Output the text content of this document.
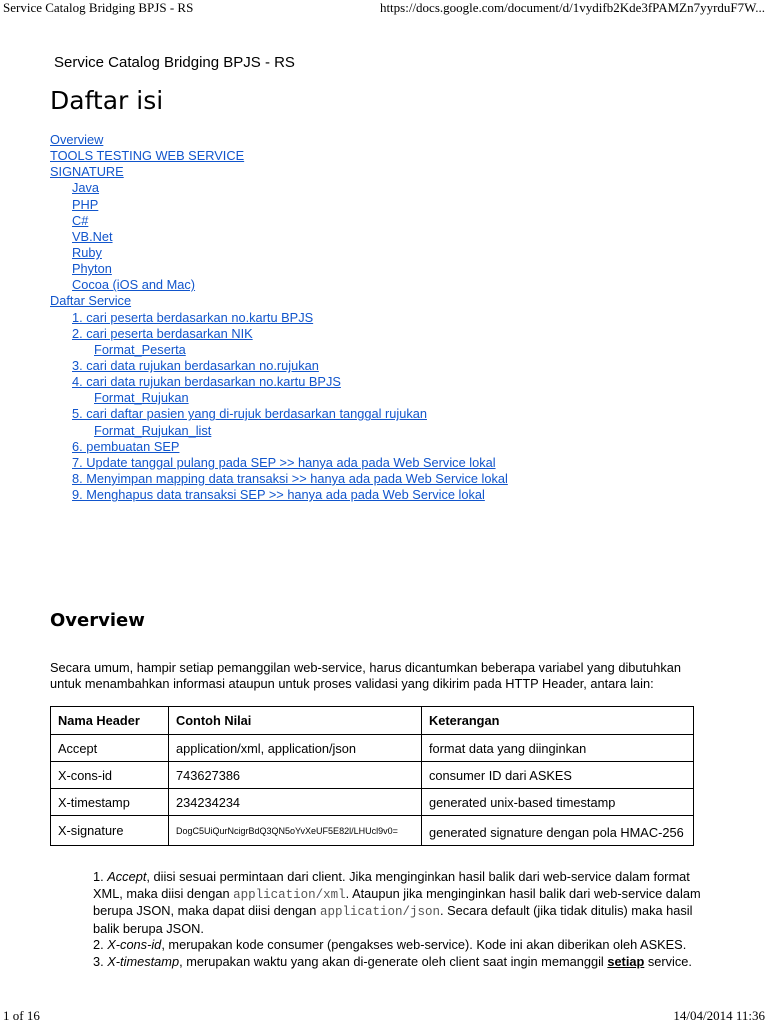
Service Catalog Bridging BPJS - RS	https://docs.google.com/document/d/1vydifb2Kde3fPAMZn7yyrduF7W...
Service Catalog Bridging BPJS - RS
Daftar isi
Overview
TOOLS TESTING WEB SERVICE
SIGNATURE
Java
PHP
C#
VB.Net
Ruby
Phyton
Cocoa (iOS and Mac)
Daftar Service
1. cari peserta berdasarkan no.kartu BPJS
2. cari peserta berdasarkan NIK
Format_Peserta
3. cari data rujukan berdasarkan no.rujukan
4. cari data rujukan berdasarkan no.kartu BPJS
Format_Rujukan
5. cari daftar pasien yang di-rujuk berdasarkan tanggal rujukan
Format_Rujukan_list
6. pembuatan SEP
7. Update tanggal pulang pada SEP >> hanya ada pada Web Service lokal
8. Menyimpan mapping data transaksi >> hanya ada pada Web Service lokal
9. Menghapus data transaksi SEP >> hanya ada pada Web Service lokal
Overview

Secara umum, hampir setiap pemanggilan web-service, harus dicantumkan beberapa variabel yang dibutuhkan untuk menambahkan informasi ataupun untuk proses validasi yang dikirim pada HTTP Header, antara lain:

Nama Header	Contoh Nilai	Keterangan
Accept	application/xml, application/json	format data yang diinginkan
X-cons-id	743627386	consumer ID dari ASKES
X-timestamp	234234234	generated unix-based timestamp
X-signature	DogC5UiQurNcigrBdQ3QN5oYvXeUF5E82l/LHUcl9v0=	generated signature dengan pola HMAC-256
1. Accept, diisi sesuai permintaan dari client. Jika menginginkan hasil balik dari web-service dalam format XML, maka diisi dengan application/xml. Ataupun jika menginginkan hasil balik dari web-service dalam berupa JSON, maka dapat diisi dengan application/json. Secara default (jika tidak ditulis) maka hasil balik berupa JSON.
2. X-cons-id, merupakan kode consumer (pengakses web-service). Kode ini akan diberikan oleh ASKES.
3. X-timestamp, merupakan waktu yang akan di-generate oleh client saat ingin memanggil setiap service.
1 of 16	14/04/2014 11:36
